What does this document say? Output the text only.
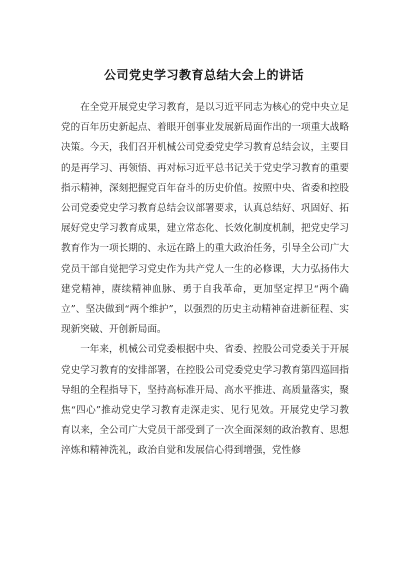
公司党史学习教育总结大会上的讲话

在全党开展党史学习教育，是以习近平同志为核心的党中央立足党的百年历史新起点、着眼开创事业发展新局面作出的一项重大战略决策。今天，我们召开机械公司党委党史学习教育总结会议，主要目的是再学习、再领悟、再对标习近平总书记关于党史学习教育的重要指示精神，深刻把握党百年奋斗的历史价值。按照中央、省委和控股公司党委党史学习教育总结会议部署要求，认真总结好、巩固好、拓展好党史学习教育成果，建立常态化、长效化制度机制，把党史学习教育作为一项长期的、永远在路上的重大政治任务，引导全公司广大党员干部自觉把学习党史作为共产党人一生的必修课，大力弘扬伟大建党精神，赓续精神血脉、勇于自我革命，更加坚定捍卫“两个确立”、坚决做到“两个维护”，以强烈的历史主动精神奋进新征程、实现新突破、开创新局面。

一年来，机械公司党委根据中央、省委、控股公司党委关于开展党史学习教育的安排部署，在控股公司党委党史学习教育第四巡回指导组的全程指导下，坚持高标准开局、高水平推进、高质量落实，聚焦“四心”推动党史学习教育走深走实、见行见效。开展党史学习教育以来，全公司广大党员干部受到了一次全面深刻的政治教育、思想淬炼和精神洗礼，政治自觉和发展信心得到增强，党性修
